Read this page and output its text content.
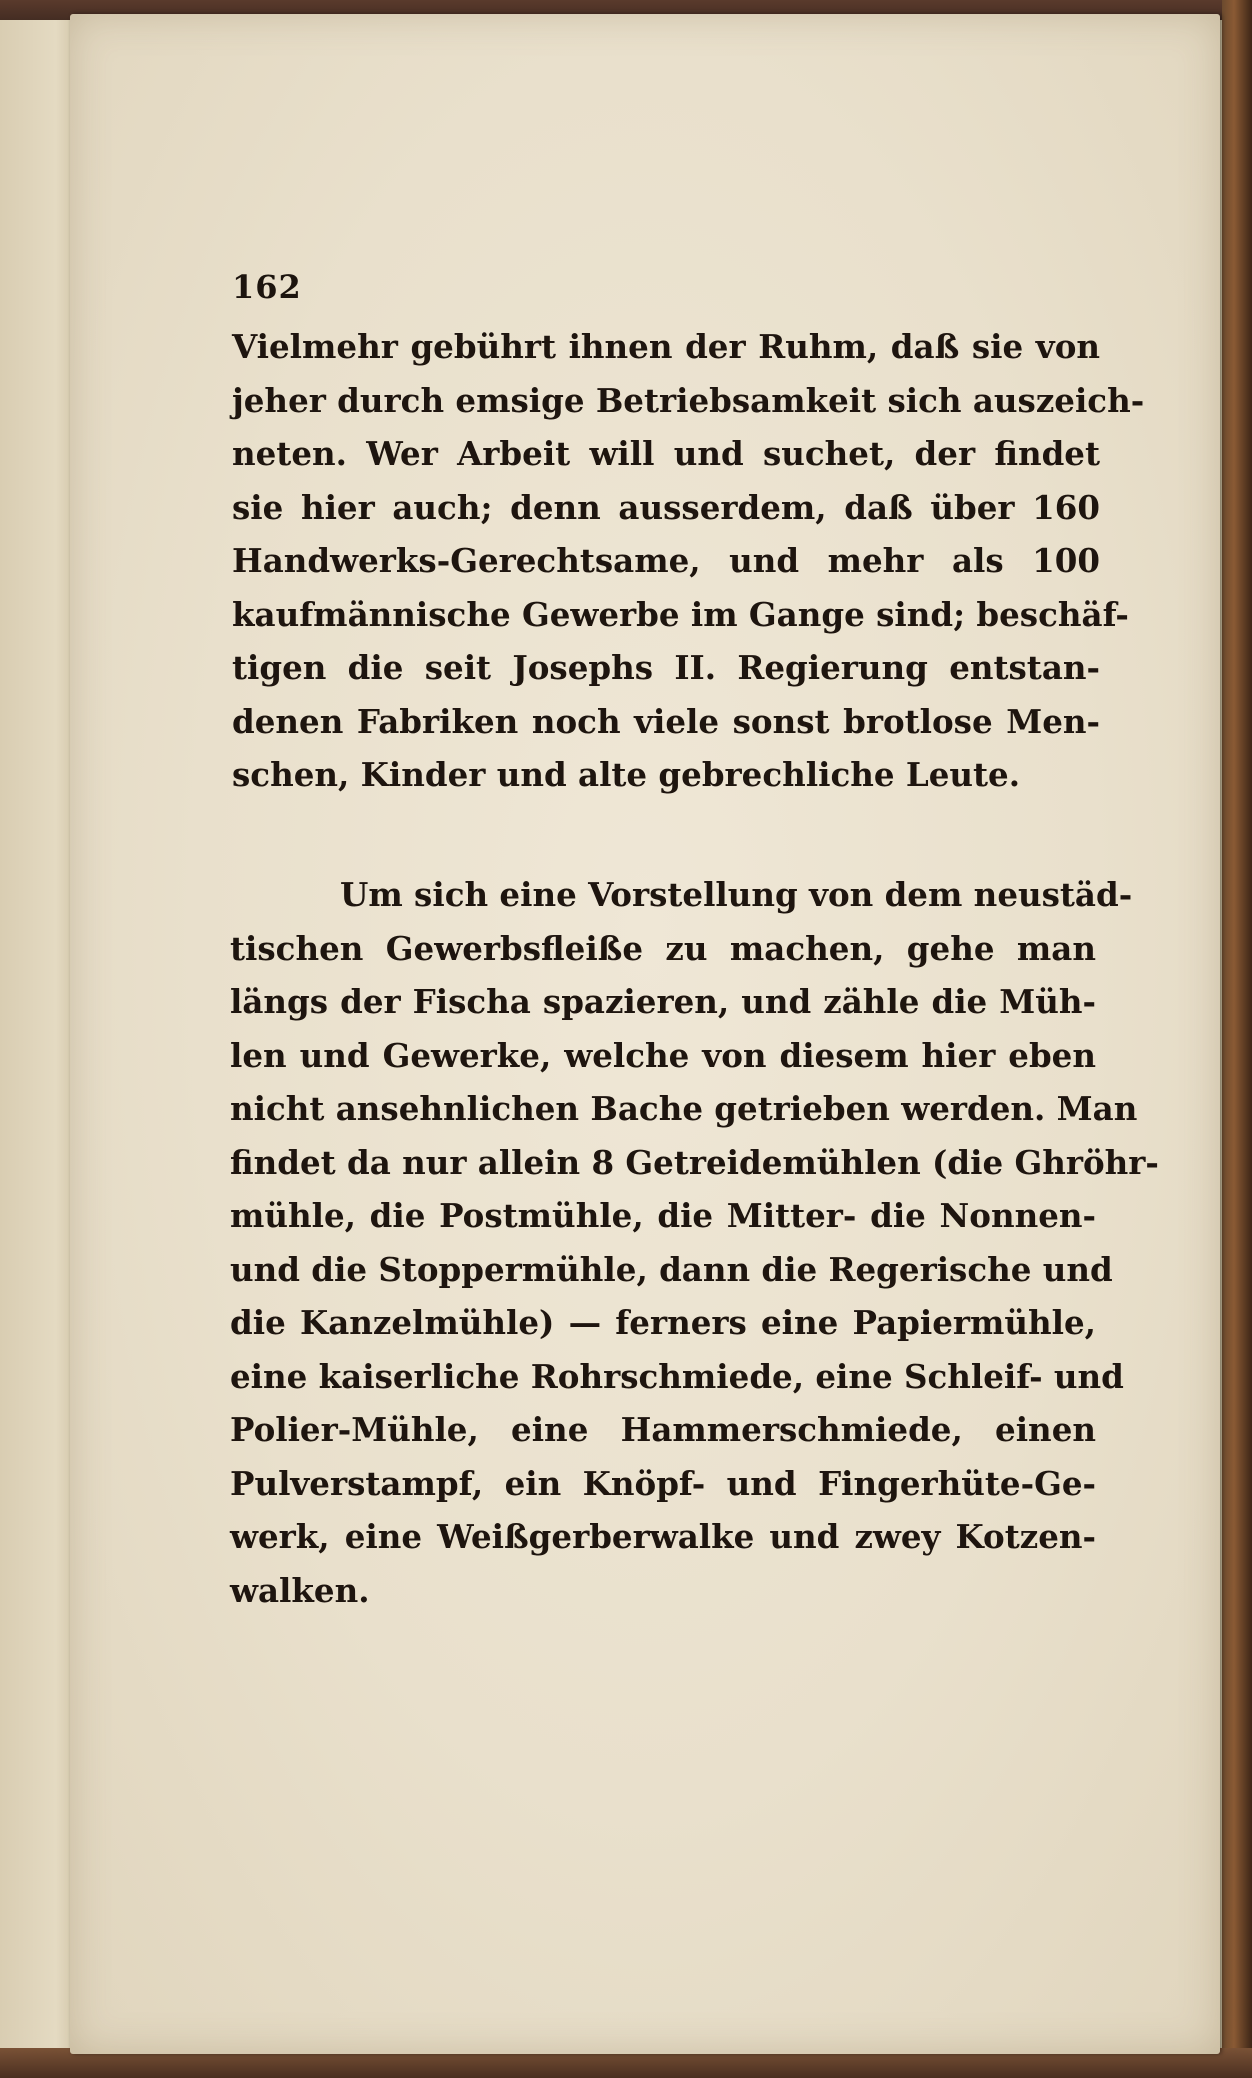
162
Vielmehr gebührt ihnen der Ruhm, daß sie von
jeher durch emsige Betriebsamkeit sich auszeich-
neten. Wer Arbeit will und suchet, der findet
sie hier auch; denn ausserdem, daß über 160
Handwerks-Gerechtsame, und mehr als 100
kaufmännische Gewerbe im Gange sind; beschäf-
tigen die seit Josephs II. Regierung entstan-
denen Fabriken noch viele sonst brotlose Men-
schen, Kinder und alte gebrechliche Leute.
Um sich eine Vorstellung von dem neustäd-
tischen Gewerbsfleiße zu machen, gehe man
längs der Fischa spazieren, und zähle die Müh-
len und Gewerke, welche von diesem hier eben
nicht ansehnlichen Bache getrieben werden. Man
findet da nur allein 8 Getreidemühlen (die Ghröhr-
mühle, die Postmühle, die Mitter- die Nonnen-
und die Stoppermühle, dann die Regerische und
die Kanzelmühle) — ferners eine Papiermühle,
eine kaiserliche Rohrschmiede, eine Schleif- und
Polier-Mühle, eine Hammerschmiede, einen
Pulverstampf, ein Knöpf- und Fingerhüte-Ge-
werk, eine Weißgerberwalke und zwey Kotzen-
walken.
